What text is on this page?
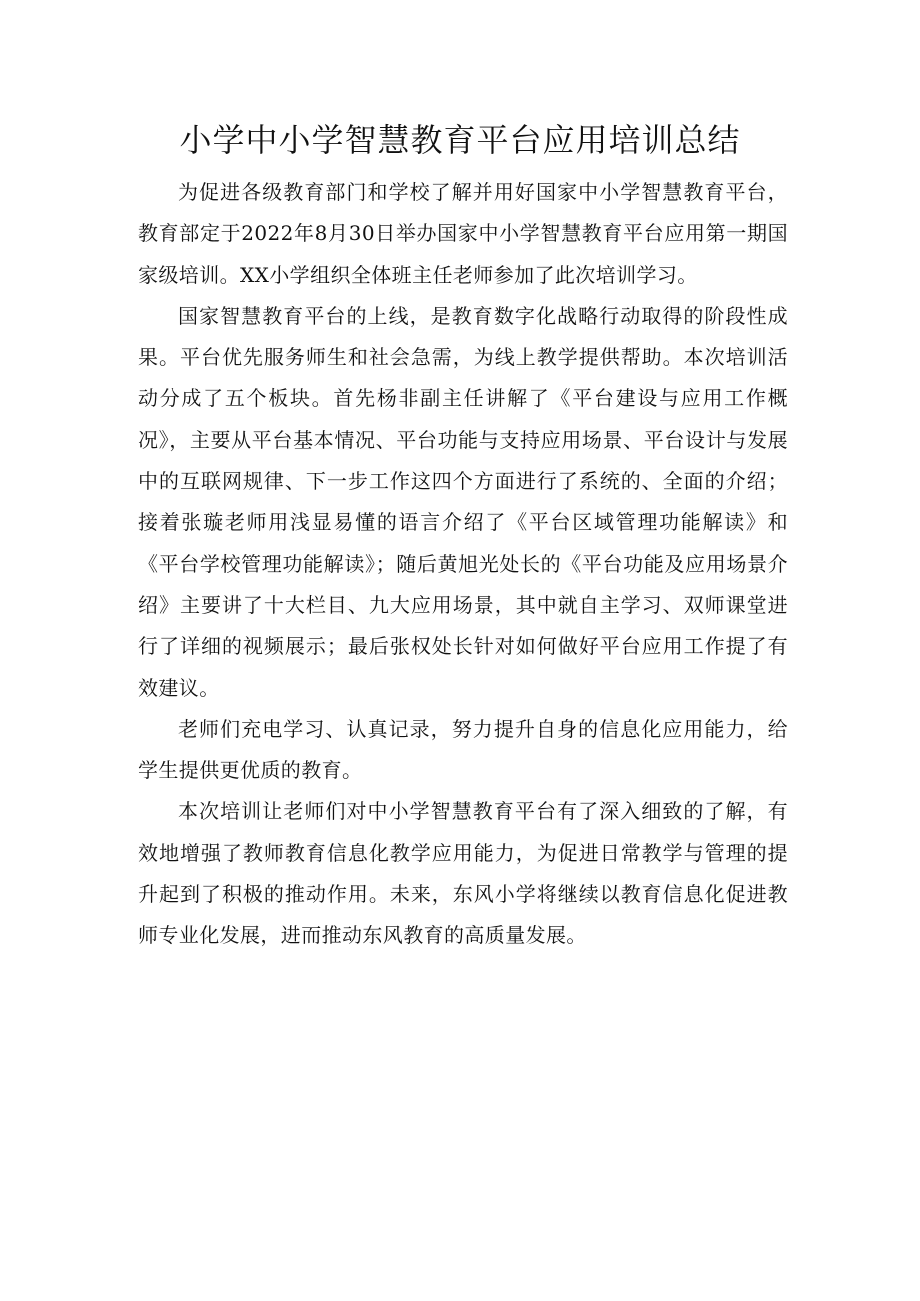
小学中小学智慧教育平台应用培训总结

为促进各级教育部门和学校了解并用好国家中小学智慧教育平台，教育部定于2022年8月30日举办国家中小学智慧教育平台应用第一期国家级培训。XX小学组织全体班主任老师参加了此次培训学习。

国家智慧教育平台的上线，是教育数字化战略行动取得的阶段性成果。平台优先服务师生和社会急需，为线上教学提供帮助。本次培训活动分成了五个板块。首先杨非副主任讲解了《平台建设与应用工作概况》，主要从平台基本情况、平台功能与支持应用场景、平台设计与发展中的互联网规律、下一步工作这四个方面进行了系统的、全面的介绍；接着张璇老师用浅显易懂的语言介绍了《平台区域管理功能解读》和《平台学校管理功能解读》；随后黄旭光处长的《平台功能及应用场景介绍》主要讲了十大栏目、九大应用场景，其中就自主学习、双师课堂进行了详细的视频展示；最后张权处长针对如何做好平台应用工作提了有效建议。

老师们充电学习、认真记录，努力提升自身的信息化应用能力，给学生提供更优质的教育。

本次培训让老师们对中小学智慧教育平台有了深入细致的了解，有效地增强了教师教育信息化教学应用能力，为促进日常教学与管理的提升起到了积极的推动作用。未来，东风小学将继续以教育信息化促进教师专业化发展，进而推动东风教育的高质量发展。
